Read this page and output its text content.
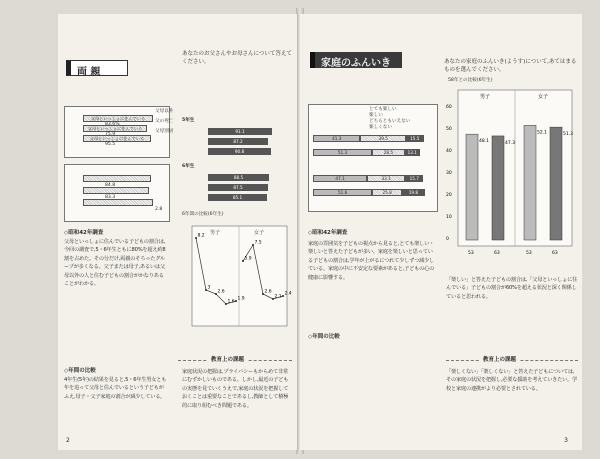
両 親
あなたのお父さんやお母さんについて答えてください。
父母といっしょに住んでいる
父母といっしょに住んでいる
父母といっしょに住んでいる
83.6%
75.9
95.5
父母以外
父の死亡
父母別居
84.8
83.3
2.8
◇昭和42年調査
父母といっしょに住んでいる子どもの割合は,今回の調査で,5・6年生ともに80%を超え約8割を占めた。その分だけ,両親のそろったグループが多くなる。父子または母子,あるいは父母以外の人と住む子どもの割合がかなりあることがわかる。
◇年間の比較
4年生(5年)の結果を見ると,5・6年生男女とも年を追って父母と住んでいるという子どもがふえ,母子・父子家庭の割合が減少している。
5年生
91.1
87.2
90.8
6年生
88.5
87.5
85.1
6年間の比較(6年生)
男子	女子
8.2
3
2.6
1.6
1.9
5.9
7.5
2.6
2.1
2.4
教育上の課題
家庭状況の把握は,プライバシーもからめて非常にむずかしいものである。しかし,最近の子どもの実態を見ていくうえで,家庭の状況を把握しておくことは重要なことであるし,教師として積極的に取り組むべき問題である。
2
家庭のふんいき
とても楽しい
楽しい
どちらともいえない
楽しくない
41.3	39.5	15.5
51.3	28.5	13.1
47.1	33.1	15.7
51.6	25.8	19.8
◇昭和42年調査
◇年間の比較
家庭の雰囲気を子どもの視点から見ると,とても楽しい・楽しいと答えた子どもが多い。家庭を楽しいと思っている子どもの割合は,学年が上がるにつれて少しずつ減少している。家庭の中に不安定な要素があると,子どもの心の健康に影響する。
あなたの家庭のふんいき(ようす)について,あてはまるものを選んでください。
58年との比較(6年生)
男子	女子
60
50
40
30
20
10
0
48.1
53
47.3
63
52.1
53
51.3
63
「楽しい」と答えた子どもの割合は,「父母といっしょに住んでいる」子どもの割合が60%を超える状況と深く関係していると思われる。
教育上の課題
「楽しくない」「楽しくない」と答えた子どもについては,その家庭の状況を把握し,必要な援助を考えていきたい。学校と家庭の連携がより必要とされている。
3
